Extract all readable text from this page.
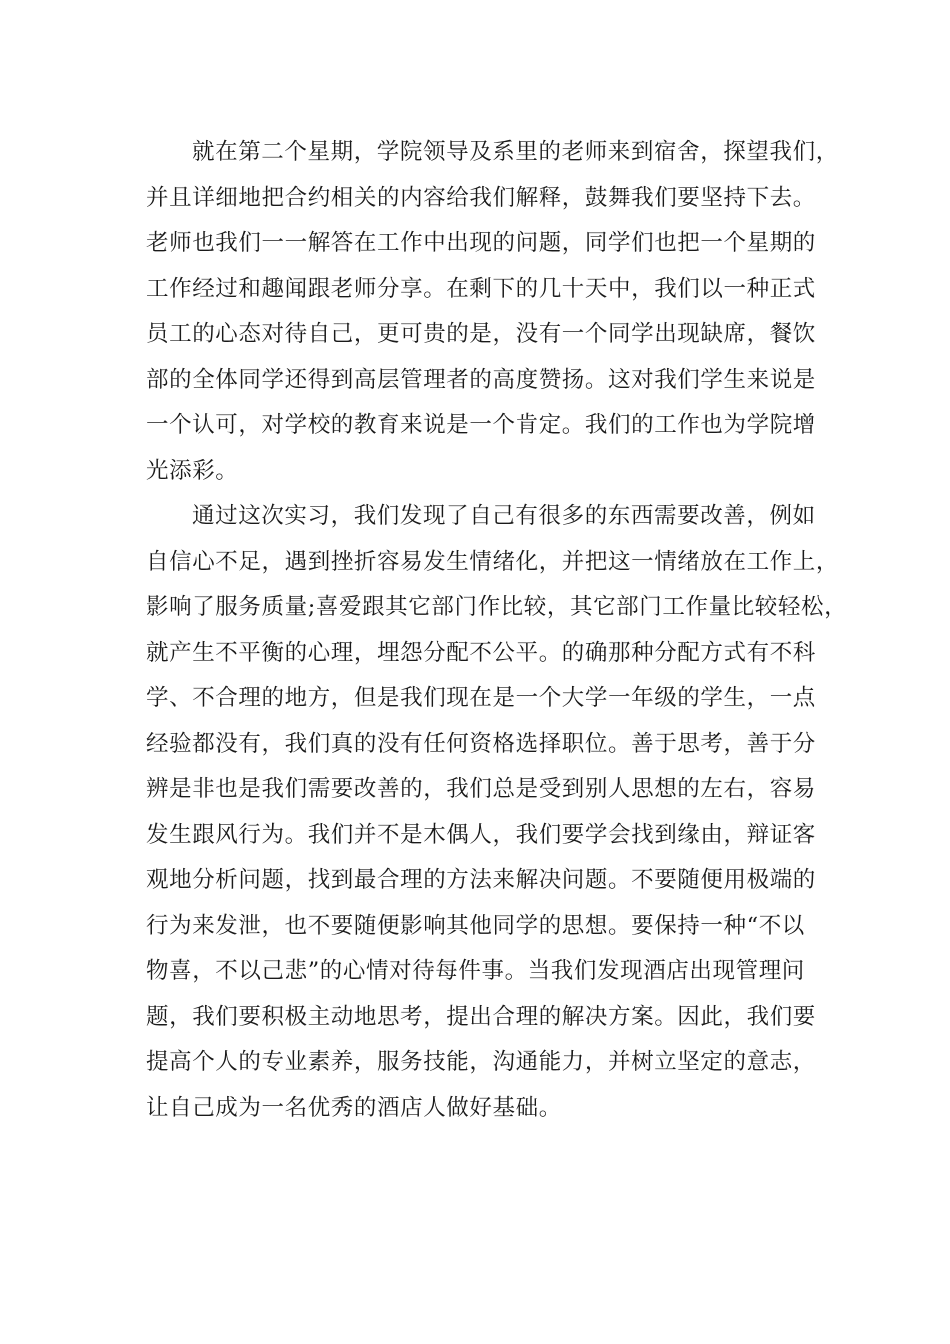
就在第二个星期，学院领导及系里的老师来到宿舍，探望我们，
并且详细地把合约相关的内容给我们解释，鼓舞我们要坚持下去。
老师也我们一一解答在工作中出现的问题，同学们也把一个星期的
工作经过和趣闻跟老师分享。在剩下的几十天中，我们以一种正式
员工的心态对待自己，更可贵的是，没有一个同学出现缺席，餐饮
部的全体同学还得到高层管理者的高度赞扬。这对我们学生来说是
一个认可，对学校的教育来说是一个肯定。我们的工作也为学院增
光添彩。
通过这次实习，我们发现了自己有很多的东西需要改善，例如
自信心不足，遇到挫折容易发生情绪化，并把这一情绪放在工作上，
影响了服务质量;喜爱跟其它部门作比较，其它部门工作量比较轻松，
就产生不平衡的心理，埋怨分配不公平。的确那种分配方式有不科
学、不合理的地方，但是我们现在是一个大学一年级的学生，一点
经验都没有，我们真的没有任何资格选择职位。善于思考，善于分
辨是非也是我们需要改善的，我们总是受到别人思想的左右，容易
发生跟风行为。我们并不是木偶人，我们要学会找到缘由，辩证客
观地分析问题，找到最合理的方法来解决问题。不要随便用极端的
行为来发泄，也不要随便影响其他同学的思想。要保持一种“不以
物喜，不以己悲”的心情对待每件事。当我们发现酒店出现管理问
题，我们要积极主动地思考，提出合理的解决方案。因此，我们要
提高个人的专业素养，服务技能，沟通能力，并树立坚定的意志，
让自己成为一名优秀的酒店人做好基础。
